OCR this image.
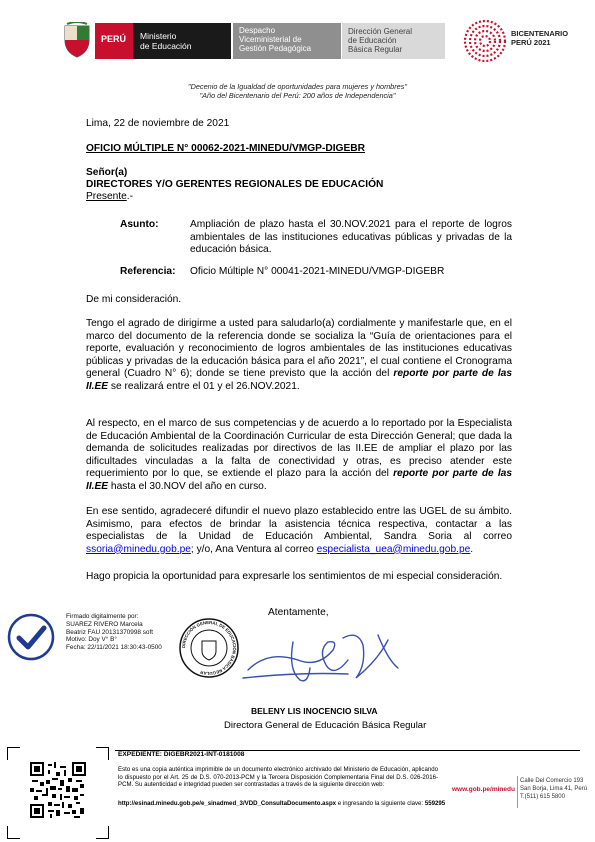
PERÚ	Ministerio
de Educación
Despacho
Viceministerial de
Gestión Pedagógica
Dirección General
de Educación
Básica Regular
BICENTENARIO
PERÚ 2021
"Decenio de la Igualdad de oportunidades para mujeres y hombres"
"Año del Bicentenario del Perú: 200 años de Independencia"
Lima, 22 de noviembre de 2021
OFICIO MÚLTIPLE N° 00062-2021-MINEDU/VMGP-DIGEBR
Señor(a)
DIRECTORES Y/O GERENTES REGIONALES DE EDUCACIÓN
Presente.-
Asunto:	Ampliación de plazo hasta el 30.NOV.2021 para el reporte de logros ambientales de las instituciones educativas públicas y privadas de la educación básica.
Referencia: Oficio Múltiple N° 00041-2021-MINEDU/VMGP-DIGEBR
De mi consideración.
Tengo el agrado de dirigirme a usted para saludarlo(a) cordialmente y manifestarle que, en el marco del documento de la referencia donde se socializa la “Guía de orientaciones para el reporte, evaluación y reconocimiento de logros ambientales de las instituciones educativas públicas y privadas de la educación básica para el año 2021”, el cual contiene el Cronograma general (Cuadro N° 6); donde se tiene previsto que la acción del reporte por parte de las II.EE se realizará entre el 01 y el 26.NOV.2021.
Al respecto, en el marco de sus competencias y de acuerdo a lo reportado por la Especialista de Educación Ambiental de la Coordinación Curricular de esta Dirección General; que dada la demanda de solicitudes realizadas por directivos de las II.EE de ampliar el plazo por las dificultades vinculadas a la falta de conectividad y otras, es preciso atender este requerimiento por lo que, se extiende el plazo para la acción del reporte por parte de las II.EE hasta el 30.NOV del año en curso.
En ese sentido, agradeceré difundir el nuevo plazo establecido entre las UGEL de su ámbito. Asimismo, para efectos de brindar la asistencia técnica respectiva, contactar a las especialistas de la Unidad de Educación Ambiental, Sandra Soria al correo ssoria@minedu.gob.pe; y/o, Ana Ventura al correo especialista_uea@minedu.gob.pe.
Hago propicia la oportunidad para expresarle los sentimientos de mi especial consideración.
Atentamente,
Firmado digitalmente por:
SUAREZ RIVERO Marcela
Beatriz FAU 20131370998 soft
Motivo: Doy V° B°
Fecha: 22/11/2021 18:30:43-0500	DIRECCIÓN GENERAL DE EDUCACIÓN BÁSICA REGULAR
BELENY LIS INOCENCIO SILVA
Directora General de Educación Básica Regular
EXPEDIENTE: DIGEBR2021-INT-0181008
Esto es una copia auténtica imprimible de un documento electrónico archivado del Ministerio de Educación, aplicando lo dispuesto por el Art. 25 de D.S. 070-2013-PCM y la Tercera Disposición Complementaria Final del D.S. 026-2016-PCM. Su autenticidad e integridad pueden ser contrastadas a través de la siguiente dirección web:
http://esinad.minedu.gob.pe/e_sinadmed_3/VDD_ConsultaDocumento.aspx e ingresando la siguiente clave: 559295
www.gob.pe/minedu
Calle Del Comercio 193
San Borja, Lima 41, Perú
T.(511) 615 5800
